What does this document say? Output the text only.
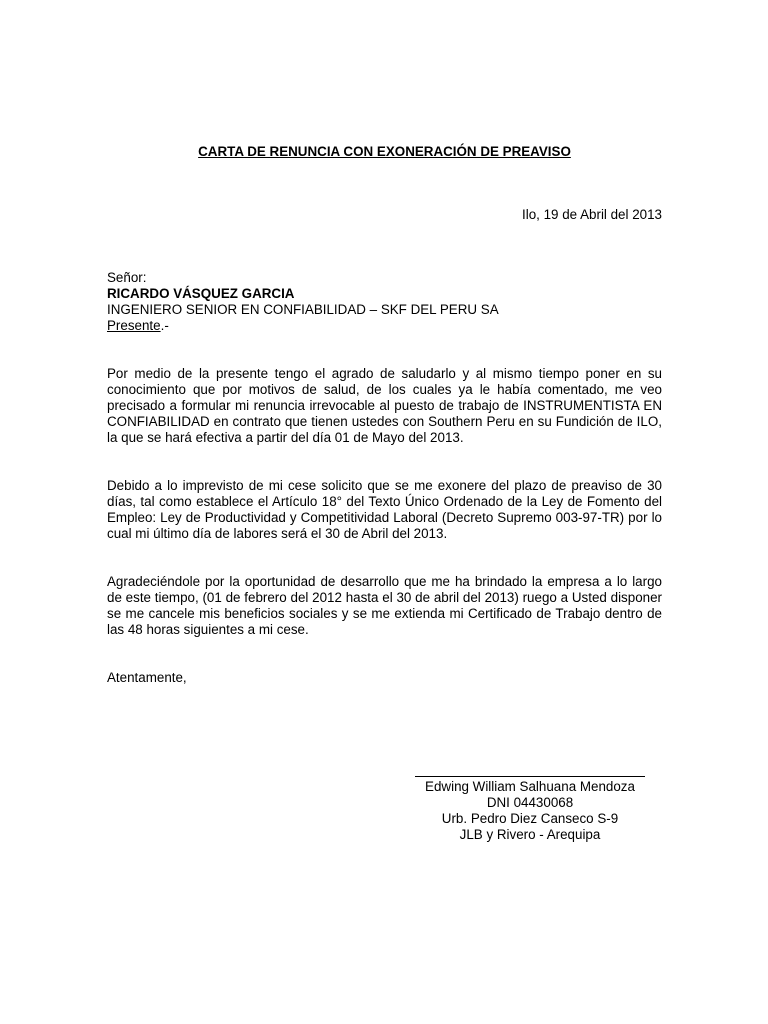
CARTA DE RENUNCIA CON EXONERACIÓN DE PREAVISO
Ilo, 19 de Abril del 2013
Señor:
RICARDO VÁSQUEZ GARCIA
INGENIERO SENIOR EN CONFIABILIDAD – SKF DEL PERU SA
Presente.-

Por medio de la presente tengo el agrado de saludarlo y al mismo tiempo poner en su conocimiento que por motivos de salud, de los cuales ya le había comentado, me veo precisado a formular mi renuncia irrevocable al puesto de trabajo de INSTRUMENTISTA EN CONFIABILIDAD en contrato que tienen ustedes con Southern Peru en su Fundición de ILO, la que se hará efectiva a partir del día 01 de Mayo del 2013.

Debido a lo imprevisto de mi cese solicito que se me exonere del plazo de preaviso de 30 días, tal como establece el Artículo 18° del Texto Único Ordenado de la Ley de Fomento del Empleo: Ley de Productividad y Competitividad Laboral (Decreto Supremo 003-97-TR) por lo cual mi último día de labores será el 30 de Abril del 2013.

Agradeciéndole por la oportunidad de desarrollo que me ha brindado la empresa a lo largo de este tiempo, (01 de febrero del 2012 hasta el 30 de abril del 2013) ruego a Usted disponer se me cancele mis beneficios sociales y se me extienda mi Certificado de Trabajo dentro de las 48 horas siguientes a mi cese.

Atentamente,
Edwing William Salhuana Mendoza
DNI 04430068
Urb. Pedro Diez Canseco S-9
JLB y Rivero - Arequipa
